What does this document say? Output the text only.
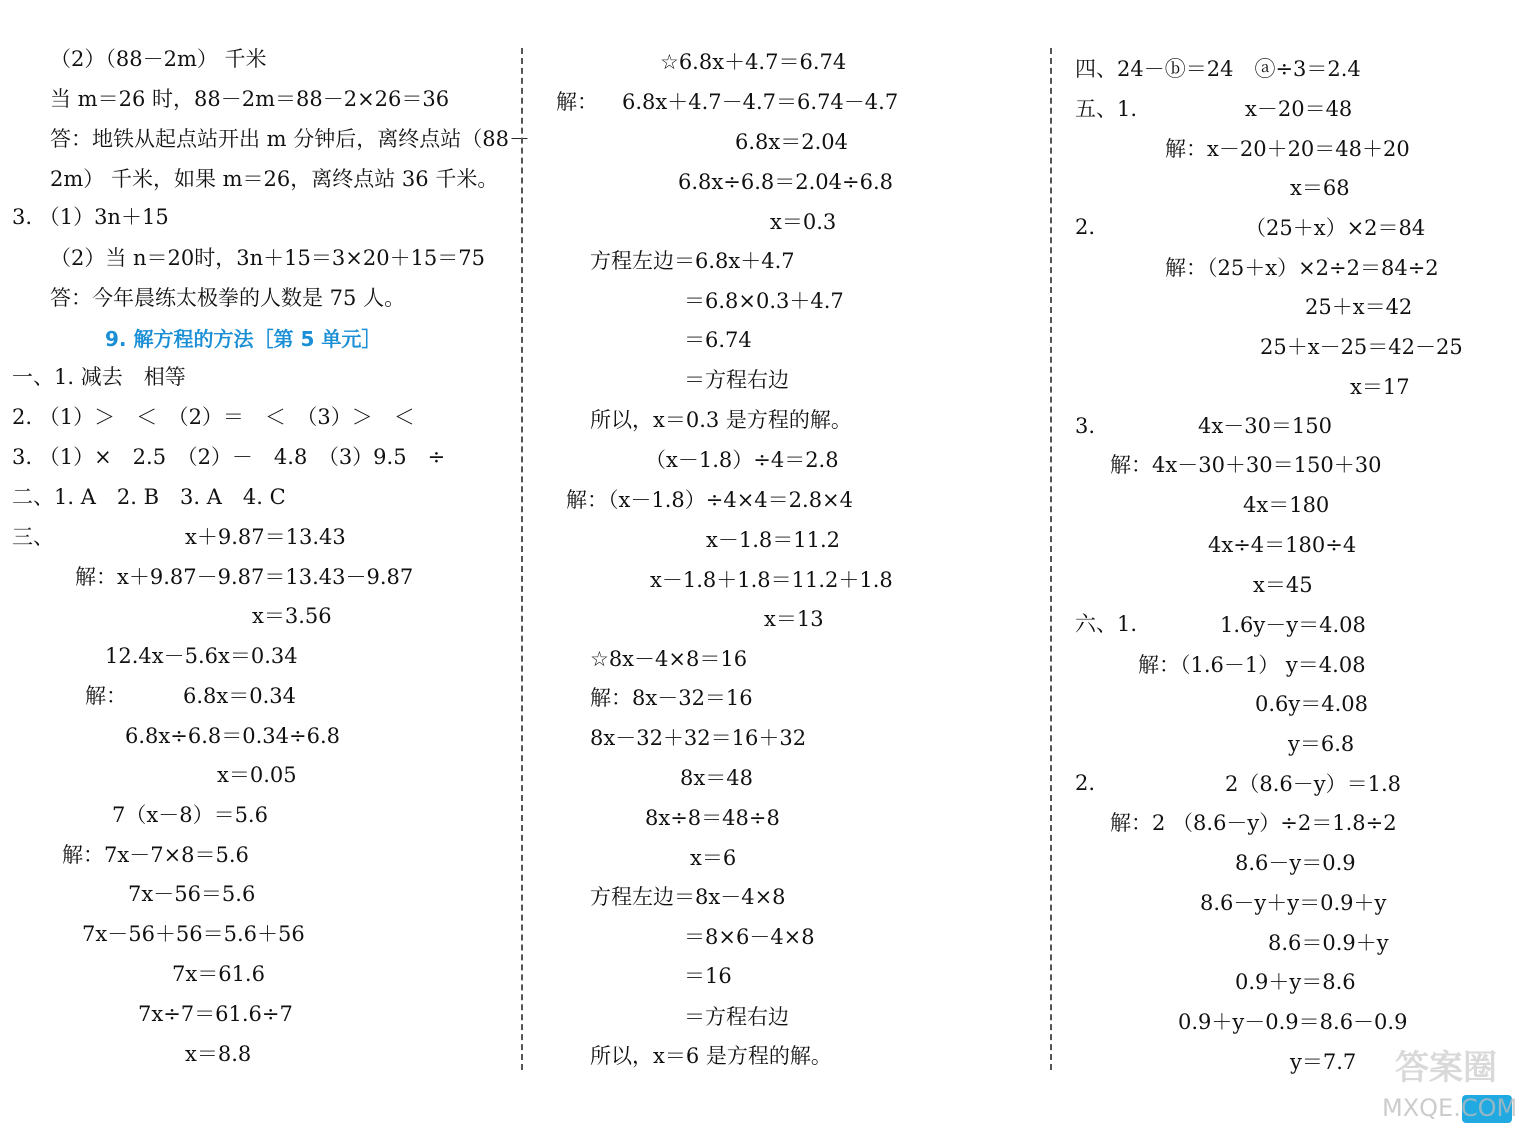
（2）（88－2m） 千米
当 m＝26 时，88－2m＝88－2×26＝36
答：地铁从起点站开出 m 分钟后，离终点站（88－
2m） 千米，如果 m＝26，离终点站 36 千米。
3. （1）3n＋15
（2）当 n＝20时，3n＋15＝3×20＋15＝75
答：今年晨练太极拳的人数是 75 人。
9. 解方程的方法［第 5 单元］
一、1. 减去　相等
2. （1）＞　＜　（2）＝　＜　（3）＞　＜
3. （1）×　2.5　（2）－　4.8　（3）9.5　÷
二、1. A　2. B　3. A　4. C
三、	x＋9.87＝13.43
解：x＋9.87－9.87＝13.43－9.87
x＝3.56
12.4x－5.6x＝0.34
解：	6.8x＝0.34
6.8x÷6.8＝0.34÷6.8
x＝0.05
7（x－8）＝5.6
解：7x－7×8＝5.6
7x－56＝5.6
7x－56＋56＝5.6＋56
7x＝61.6
7x÷7＝61.6÷7
x＝8.8
☆6.8x＋4.7＝6.74
解： 6.8x＋4.7－4.7＝6.74－4.7
6.8x＝2.04
6.8x÷6.8＝2.04÷6.8
x＝0.3
方程左边＝6.8x＋4.7
＝6.8×0.3＋4.7
＝6.74
＝方程右边
所以，x＝0.3 是方程的解。
（x－1.8）÷4＝2.8
解：（x－1.8）÷4×4＝2.8×4
x－1.8＝11.2
x－1.8＋1.8＝11.2＋1.8
x＝13
☆8x－4×8＝16
解：8x－32＝16
8x－32＋32＝16＋32
8x＝48
8x÷8＝48÷8
x＝6
方程左边＝8x－4×8
＝8×6－4×8
＝16
＝方程右边
所以，x＝6 是方程的解。
四、24－ⓑ＝24　ⓐ÷3＝2.4
五、1.	x－20＝48
解：x－20＋20＝48＋20
x＝68
2.	（25＋x）×2＝84
解：（25＋x）×2÷2＝84÷2
25＋x＝42
25＋x－25＝42－25
x＝17
3.	4x－30＝150
解：4x－30＋30＝150＋30
4x＝180
4x÷4＝180÷4
x＝45
六、1.	1.6y－y＝4.08
解：（1.6－1） y＝4.08
0.6y＝4.08
y＝6.8
2.	2（8.6－y）＝1.8
解：2 （8.6－y）÷2＝1.8÷2
8.6－y＝0.9
8.6－y＋y＝0.9＋y
8.6＝0.9＋y
0.9＋y＝8.6
0.9＋y－0.9＝8.6－0.9
y＝7.7 答案圈
MXQE.COM
